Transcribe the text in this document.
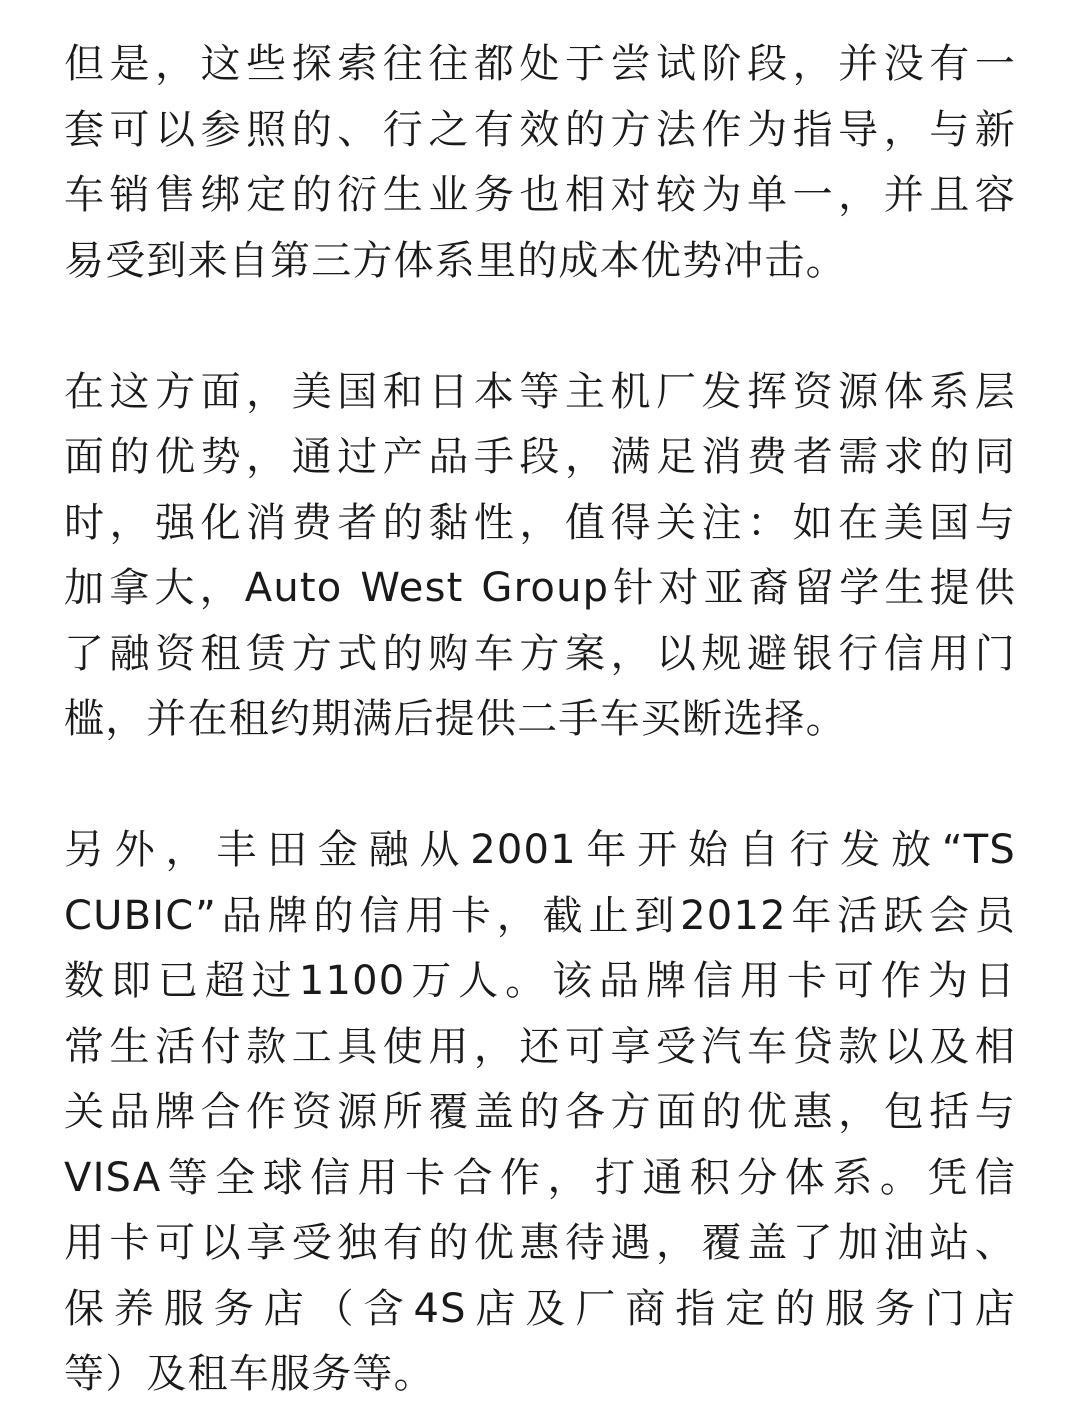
但是，这些探索往往都处于尝试阶段，并没有一
套可以参照的、行之有效的方法作为指导，与新
车销售绑定的衍生业务也相对较为单一，并且容
易受到来自第三方体系里的成本优势冲击。

在这方面，美国和日本等主机厂发挥资源体系层
面的优势，通过产品手段，满足消费者需求的同
时，强化消费者的黏性，值得关注：如在美国与
加拿大，Auto West Group针对亚裔留学生提供
了融资租赁方式的购车方案，以规避银行信用门
槛，并在租约期满后提供二手车买断选择。

另外，丰田金融从2001年开始自行发放“TS
CUBIC”品牌的信用卡，截止到2012年活跃会员
数即已超过1100万人。该品牌信用卡可作为日
常生活付款工具使用，还可享受汽车贷款以及相
关品牌合作资源所覆盖的各方面的优惠，包括与
VISA等全球信用卡合作，打通积分体系。凭信
用卡可以享受独有的优惠待遇，覆盖了加油站、
保养服务店（含4S店及厂商指定的服务门店
等）及租车服务等。
